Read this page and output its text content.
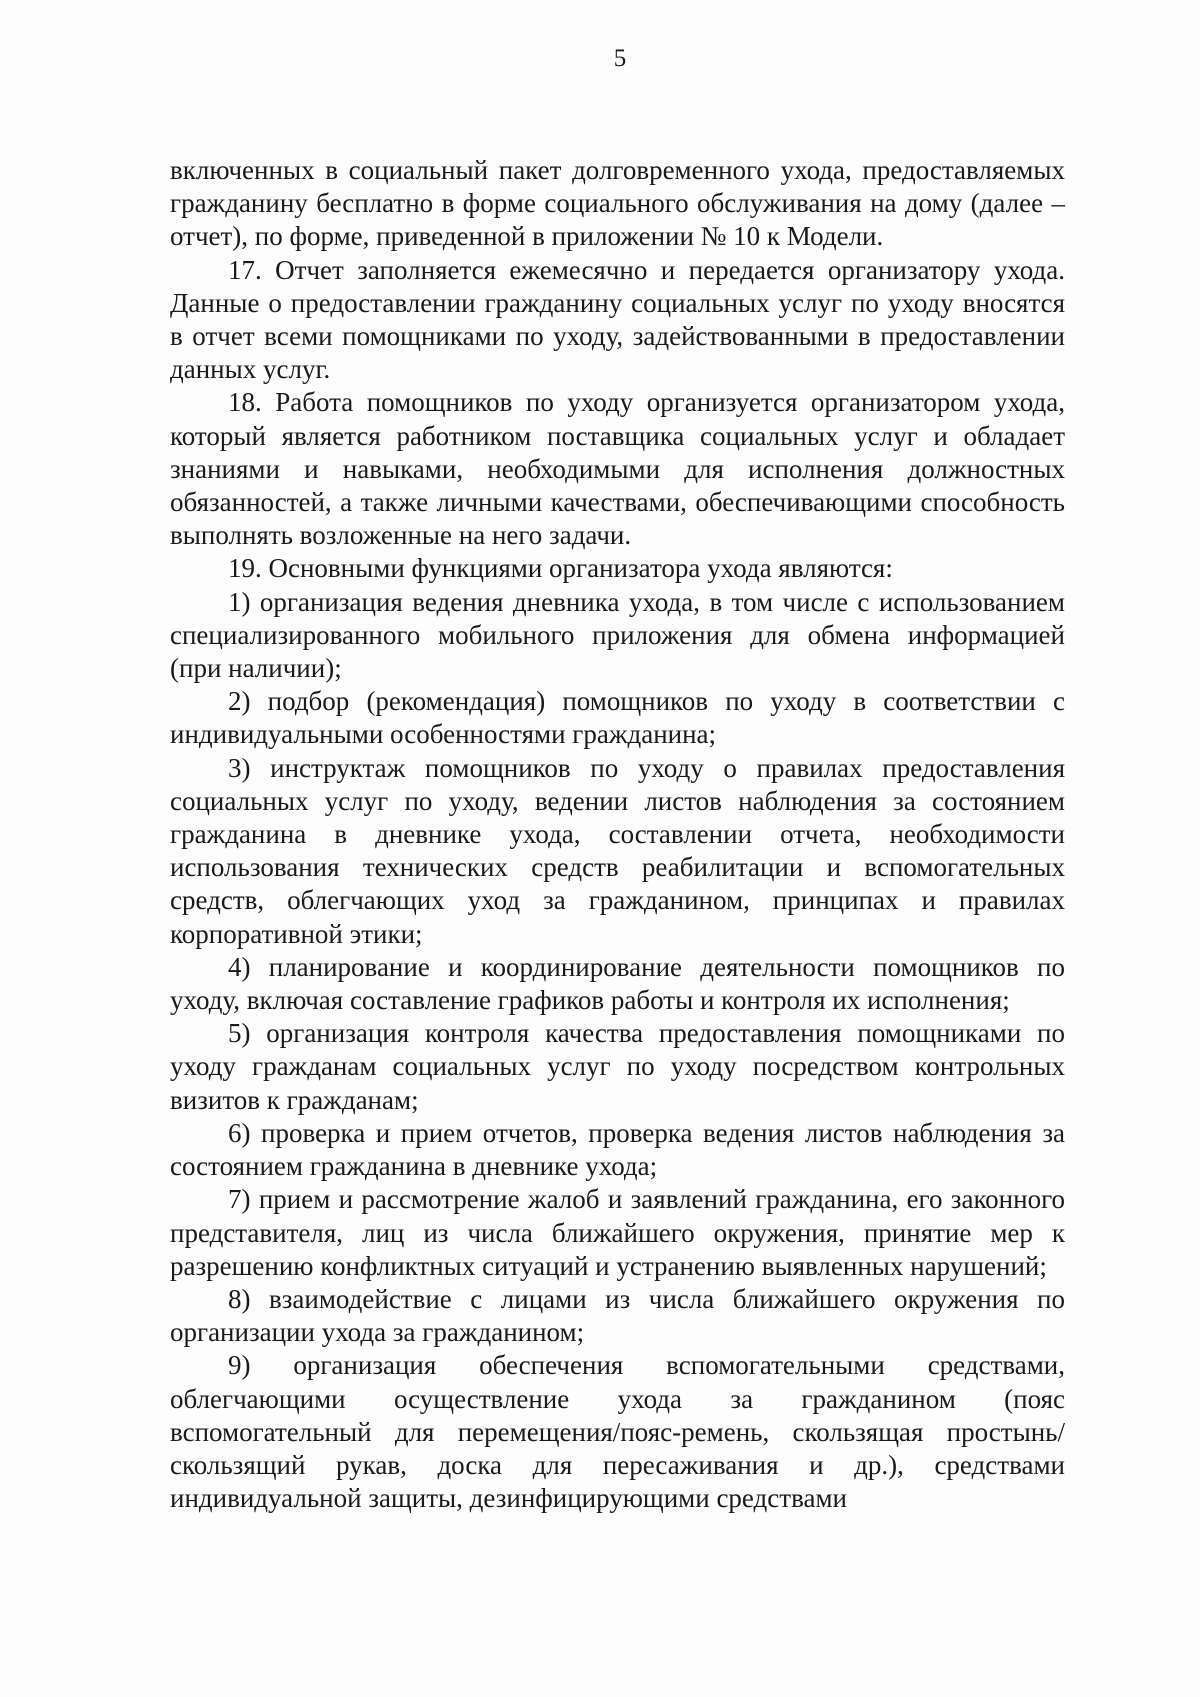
5

включенных в социальный пакет долговременного ухода, предоставляемых гражданину бесплатно в форме социального обслуживания на дому (далее – отчет), по форме, приведенной в приложении № 10 к Модели.

17. Отчет заполняется ежемесячно и передается организатору ухода. Данные о предоставлении гражданину социальных услуг по уходу вносятся в отчет всеми помощниками по уходу, задействованными в предоставлении данных услуг.

18. Работа помощников по уходу организуется организатором ухода, который является работником поставщика социальных услуг и обладает знаниями и навыками, необходимыми для исполнения должностных обязанностей, а также личными качествами, обеспечивающими способность выполнять возложенные на него задачи.

19. Основными функциями организатора ухода являются:

1) организация ведения дневника ухода, в том числе с использованием специализированного мобильного приложения для обмена информацией (при наличии);

2) подбор (рекомендация) помощников по уходу в соответствии с индивидуальными особенностями гражданина;

3) инструктаж помощников по уходу о правилах предоставления социальных услуг по уходу, ведении листов наблюдения за состоянием гражданина в дневнике ухода, составлении отчета, необходимости использования технических средств реабилитации и вспомогательных средств, облегчающих уход за гражданином, принципах и правилах корпоративной этики;

4) планирование и координирование деятельности помощников по уходу, включая составление графиков работы и контроля их исполнения;

5) организация контроля качества предоставления помощниками по уходу гражданам социальных услуг по уходу посредством контрольных визитов к гражданам;

6) проверка и прием отчетов, проверка ведения листов наблюдения за состоянием гражданина в дневнике ухода;

7) прием и рассмотрение жалоб и заявлений гражданина, его законного представителя, лиц из числа ближайшего окружения, принятие мер к разрешению конфликтных ситуаций и устранению выявленных нарушений;

8) взаимодействие с лицами из числа ближайшего окружения по организации ухода за гражданином;

9) организация обеспечения вспомогательными средствами, облегчающими осуществление ухода за гражданином (пояс вспомогательный для перемещения/пояс-ремень, скользящая простынь/скользящий рукав, доска для пересаживания и др.), средствами индивидуальной защиты, дезинфицирующими средствами
